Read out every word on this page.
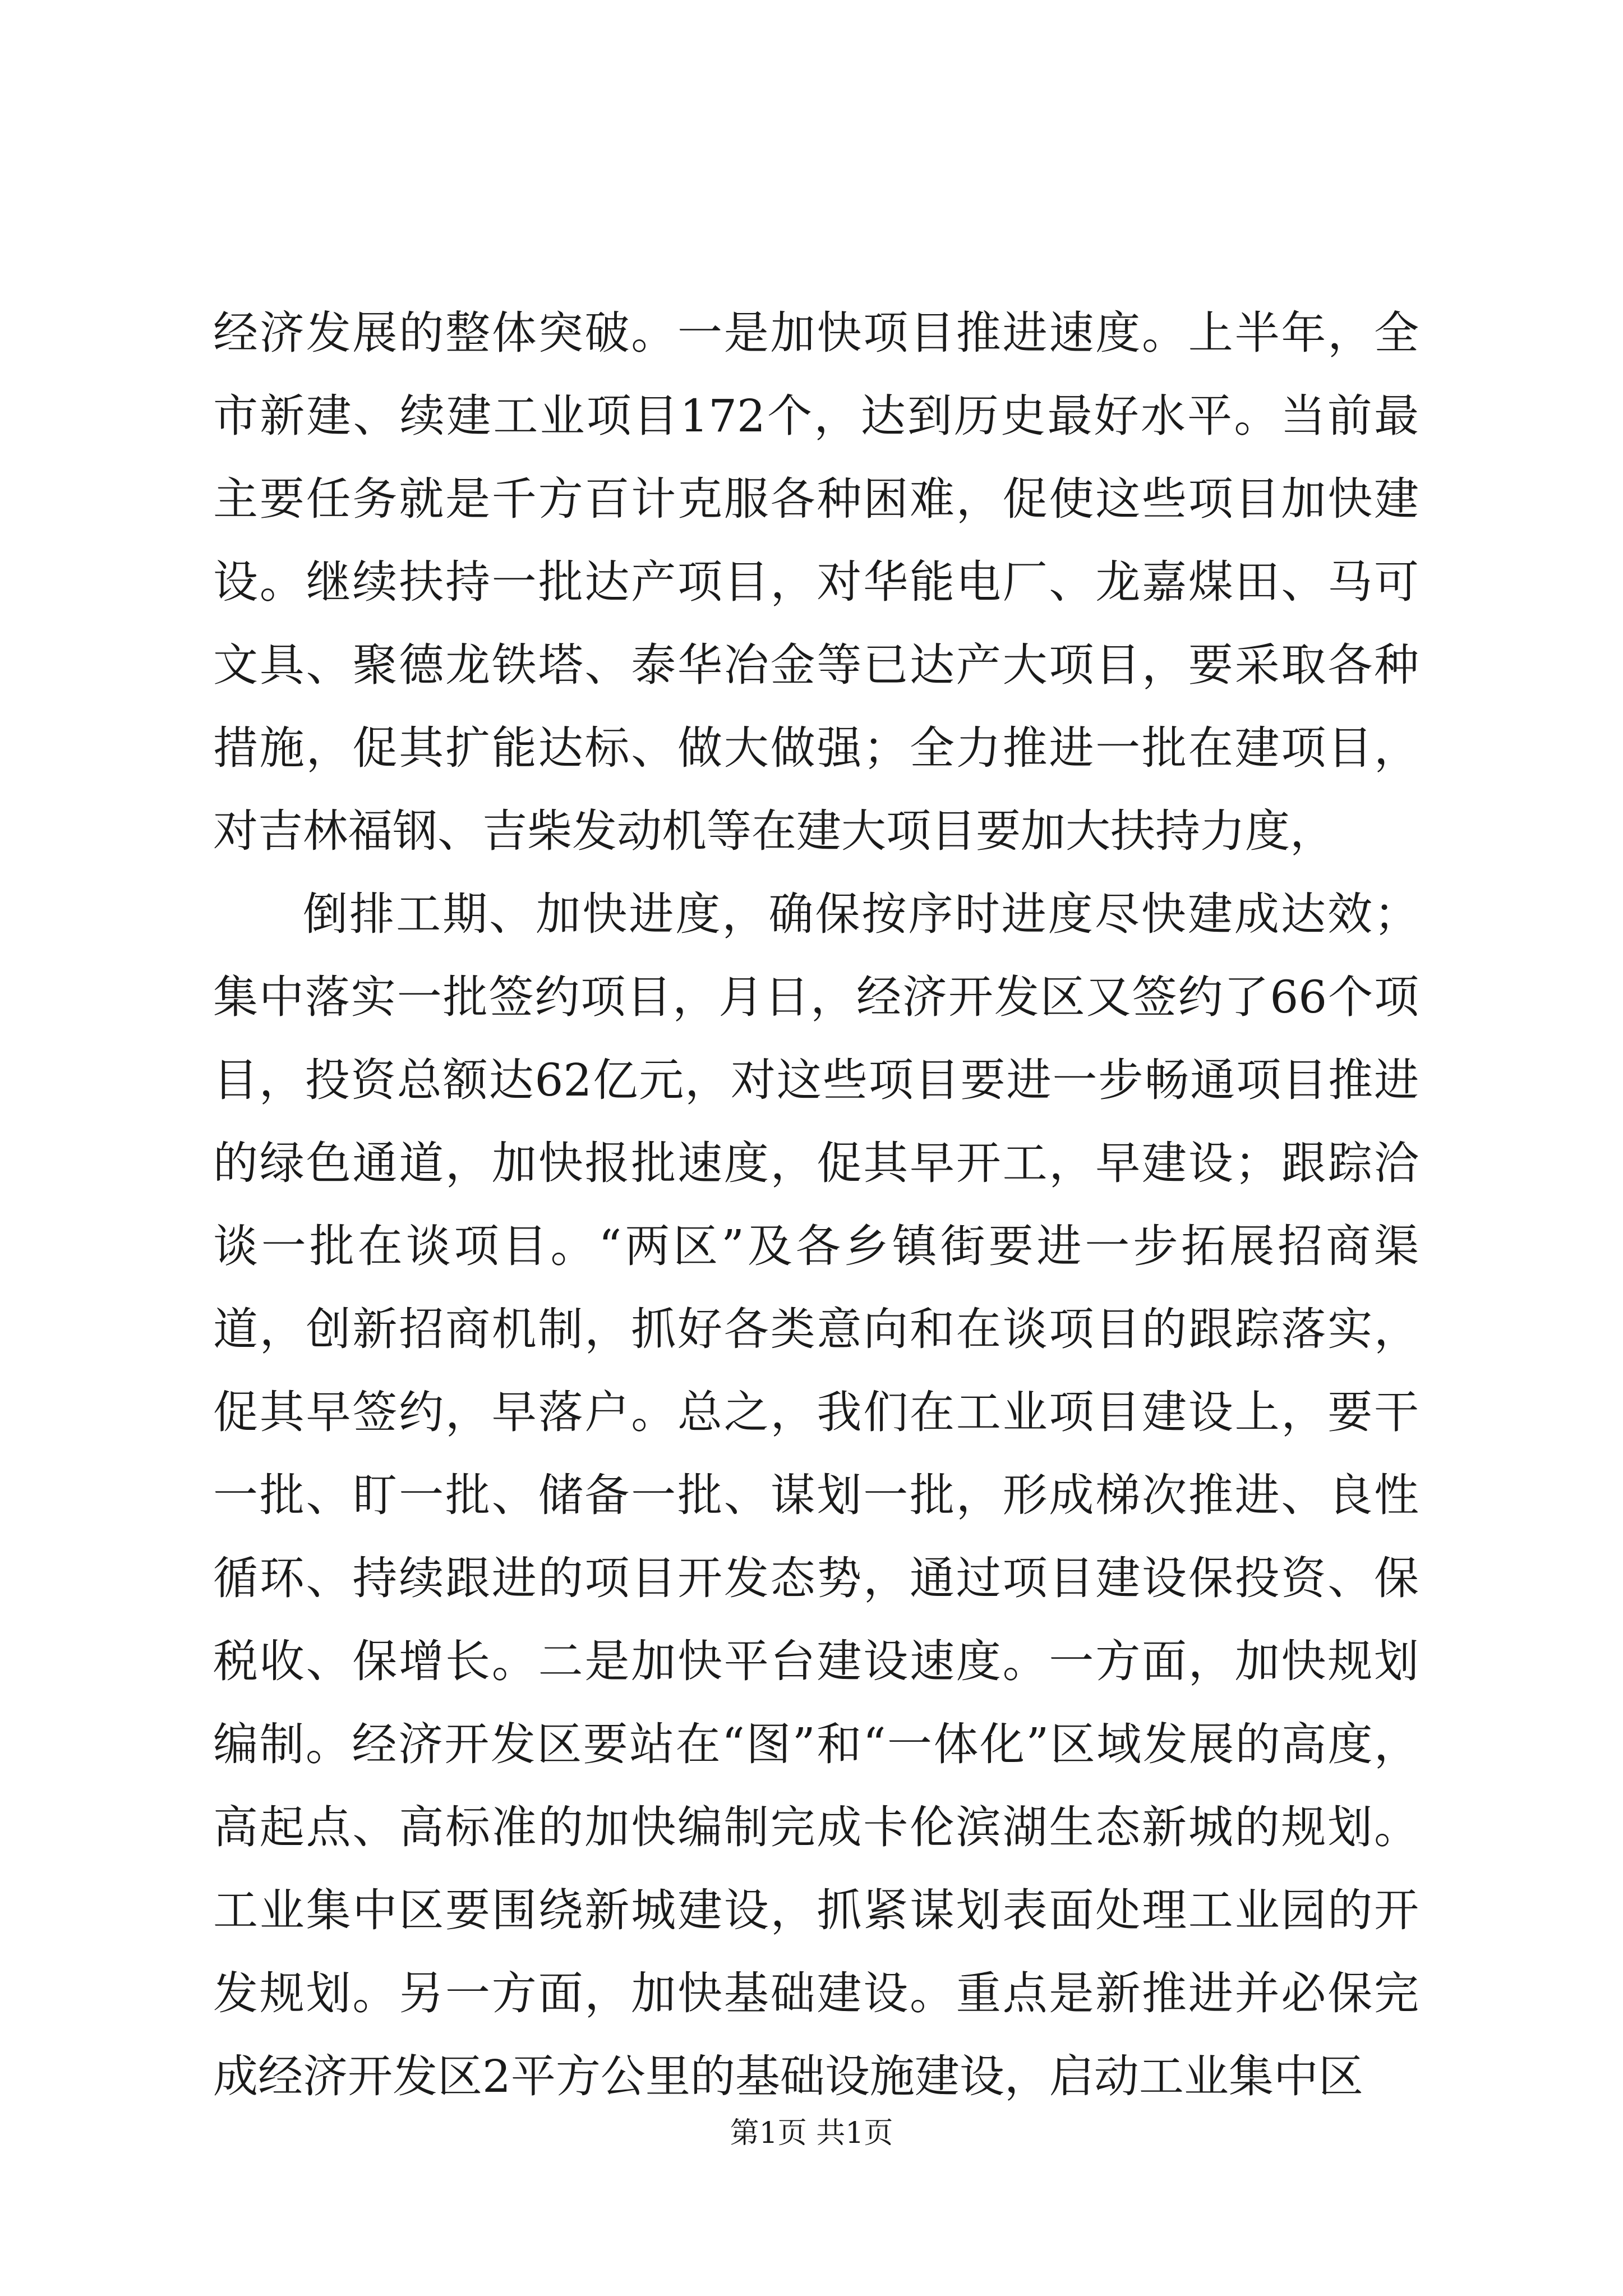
经济发展的整体突破。一是加快项目推进速度。上半年，全市新建、续建工业项目172个，达到历史最好水平。当前最主要任务就是千方百计克服各种困难，促使这些项目加快建设。继续扶持一批达产项目，对华能电厂、龙嘉煤田、马可文具、聚德龙铁塔、泰华冶金等已达产大项目，要采取各种措施，促其扩能达标、做大做强；全力推进一批在建项目，对吉林福钢、吉柴发动机等在建大项目要加大扶持力度，

倒排工期、加快进度，确保按序时进度尽快建成达效；集中落实一批签约项目，月日，经济开发区又签约了66个项目，投资总额达62亿元，对这些项目要进一步畅通项目推进的绿色通道，加快报批速度，促其早开工，早建设；跟踪洽谈一批在谈项目。“两区”及各乡镇街要进一步拓展招商渠道，创新招商机制，抓好各类意向和在谈项目的跟踪落实，促其早签约，早落户。总之，我们在工业项目建设上，要干一批、盯一批、储备一批、谋划一批，形成梯次推进、良性循环、持续跟进的项目开发态势，通过项目建设保投资、保税收、保增长。二是加快平台建设速度。一方面，加快规划编制。经济开发区要站在“图”和“一体化”区域发展的高度，高起点、高标准的加快编制完成卡伦滨湖生态新城的规划。工业集中区要围绕新城建设，抓紧谋划表面处理工业园的开发规划。另一方面，加快基础建设。重点是新推进并必保完成经济开发区2平方公里的基础设施建设，启动工业集中区

第1页 共1页
